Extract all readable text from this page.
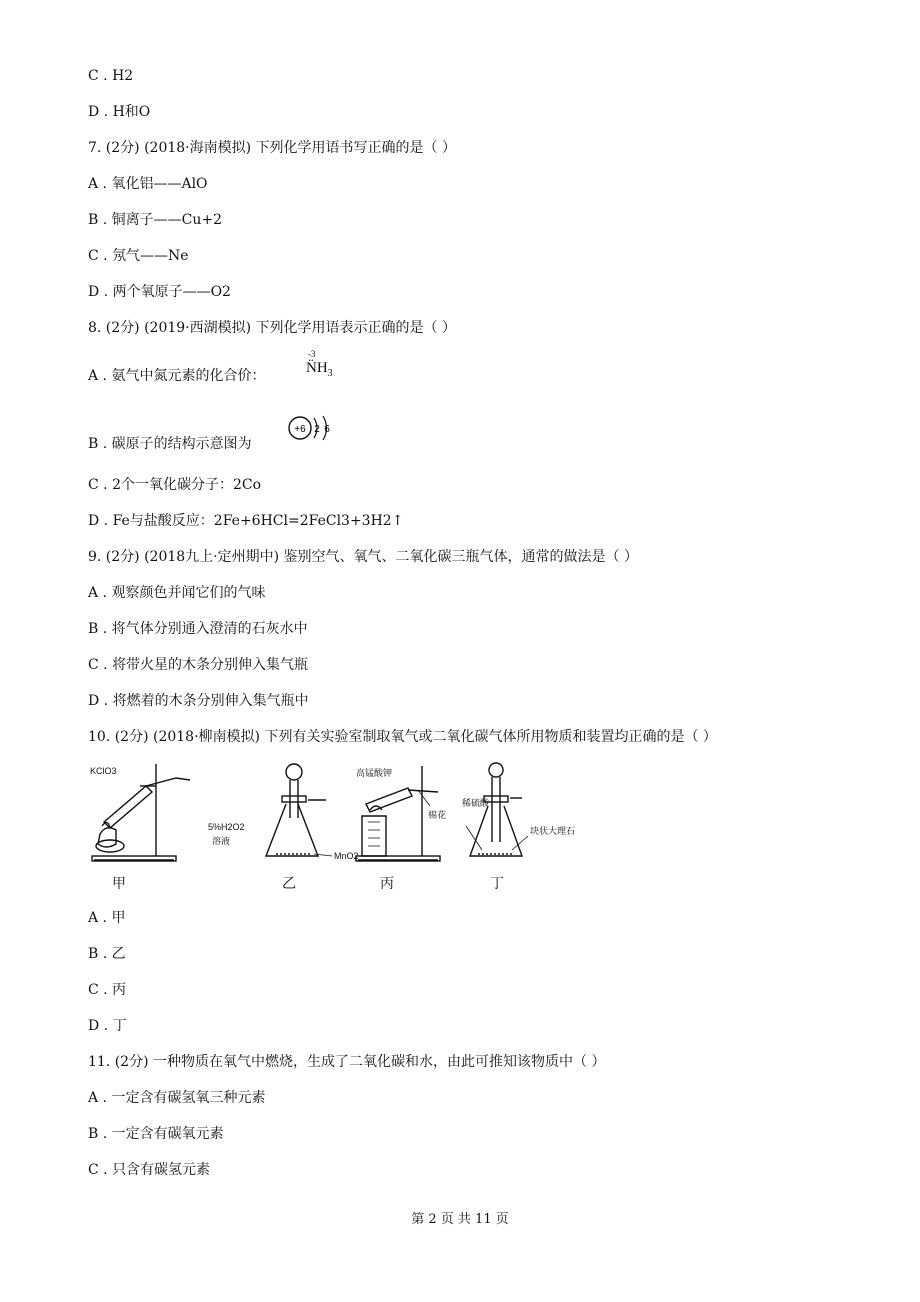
C . H2
D . H和O
7. (2分) (2018·海南模拟) 下列化学用语书写正确的是（ ）
A . 氧化铝——AlO
B . 铜离子——Cu+2
C . 氖气——Ne
D . 两个氧原子——O2
8. (2分) (2019·西湖模拟) 下列化学用语表示正确的是（ ）
A . 氨气中氮元素的化合价：
-3
$N̈H_3$
B . 碳原子的结构示意图为
+6 2 6
C . 2个一氧化碳分子：2Co
D . Fe与盐酸反应：2Fe+6HCl=2FeCl3+3H2↑
9. (2分) (2018九上·定州期中) 鉴别空气、氧气、二氧化碳三瓶气体，通常的做法是（ ）
A . 观察颜色并闻它们的气味
B . 将气体分别通入澄清的石灰水中
C . 将带火星的木条分别伸入集气瓶
D . 将燃着的木条分别伸入集气瓶中
10. (2分) (2018·柳南模拟) 下列有关实验室制取氧气或二氧化碳气体所用物质和装置均正确的是（ ）
KClO3
5%H2O2
溶液
MnO2
高锰酸钾
棉花
稀硫酸
块状大理石
甲	乙	丙	丁
A . 甲
B . 乙
C . 丙
D . 丁
11. (2分) 一种物质在氧气中燃烧，生成了二氧化碳和水，由此可推知该物质中（ ）
A . 一定含有碳氢氧三种元素
B . 一定含有碳氧元素
C . 只含有碳氢元素
第 2 页 共 11 页
